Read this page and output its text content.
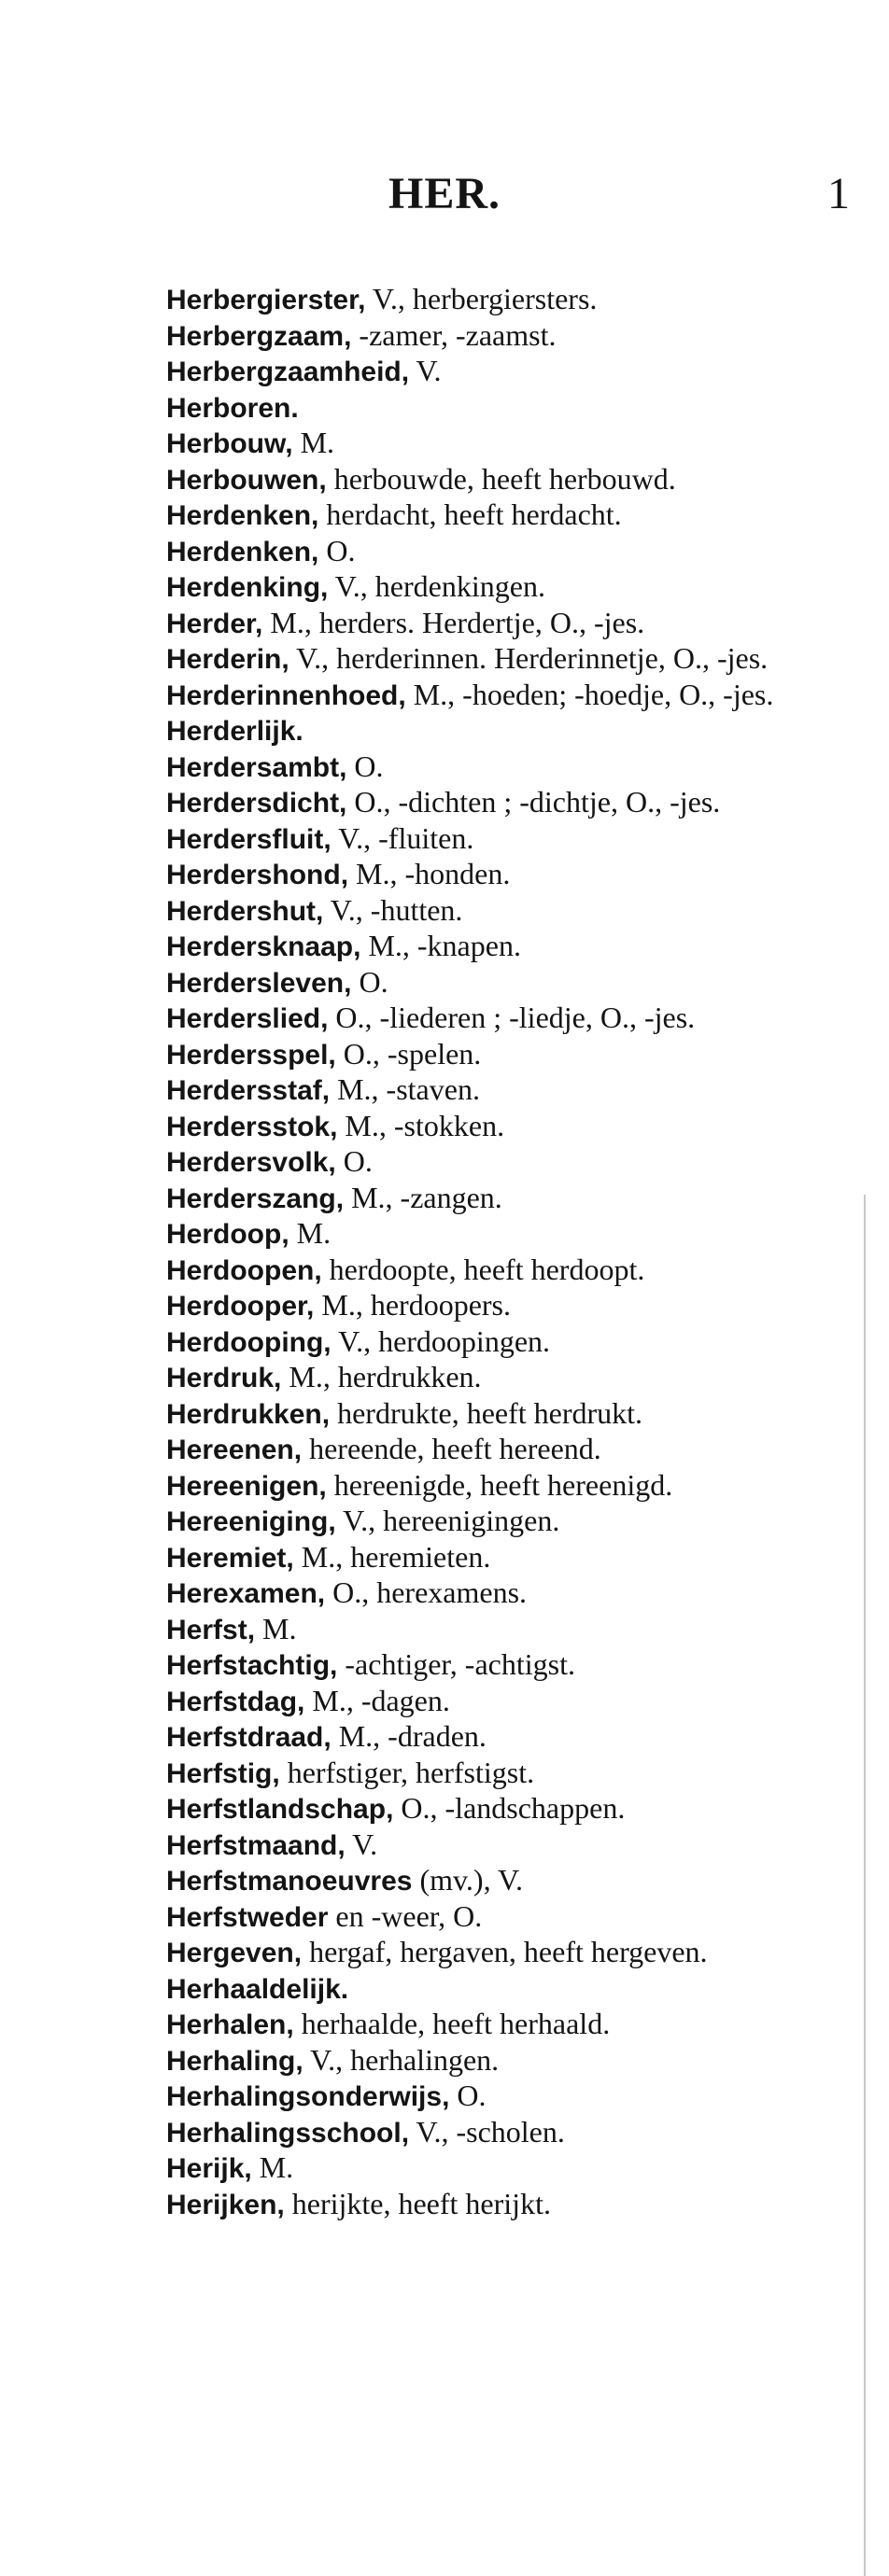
HER.	1
Herbergierster, V., herbergiersters.
Herbergzaam, -zamer, -zaamst.
Herbergzaamheid, V.
Herboren.
Herbouw, M.
Herbouwen, herbouwde, heeft herbouwd.
Herdenken, herdacht, heeft herdacht.
Herdenken, O.
Herdenking, V., herdenkingen.
Herder, M., herders. Herdertje, O., -jes.
Herderin, V., herderinnen. Herderinnetje, O., -jes.
Herderinnenhoed, M., -hoeden; -hoedje, O., -jes.
Herderlijk.
Herdersambt, O.
Herdersdicht, O., -dichten ; -dichtje, O., -jes.
Herdersfluit, V., -fluiten.
Herdershond, M., -honden.
Herdershut, V., -hutten.
Herdersknaap, M., -knapen.
Herdersleven, O.
Herderslied, O., -liederen ; -liedje, O., -jes.
Herdersspel, O., -spelen.
Herdersstaf, M., -staven.
Herdersstok, M., -stokken.
Herdersvolk, O.
Herderszang, M., -zangen.
Herdoop, M.
Herdoopen, herdoopte, heeft herdoopt.
Herdooper, M., herdoopers.
Herdooping, V., herdoopingen.
Herdruk, M., herdrukken.
Herdrukken, herdrukte, heeft herdrukt.
Hereenen, hereende, heeft hereend.
Hereenigen, hereenigde, heeft hereenigd.
Hereeniging, V., hereenigingen.
Heremiet, M., heremieten.
Herexamen, O., herexamens.
Herfst, M.
Herfstachtig, -achtiger, -achtigst.
Herfstdag, M., -dagen.
Herfstdraad, M., -draden.
Herfstig, herfstiger, herfstigst.
Herfstlandschap, O., -landschappen.
Herfstmaand, V.
Herfstmanoeuvres (mv.), V.
Herfstweder en -weer, O.
Hergeven, hergaf, hergaven, heeft hergeven.
Herhaaldelijk.
Herhalen, herhaalde, heeft herhaald.
Herhaling, V., herhalingen.
Herhalingsonderwijs, O.
Herhalingsschool, V., -scholen.
Herijk, M.
Herijken, herijkte, heeft herijkt.
